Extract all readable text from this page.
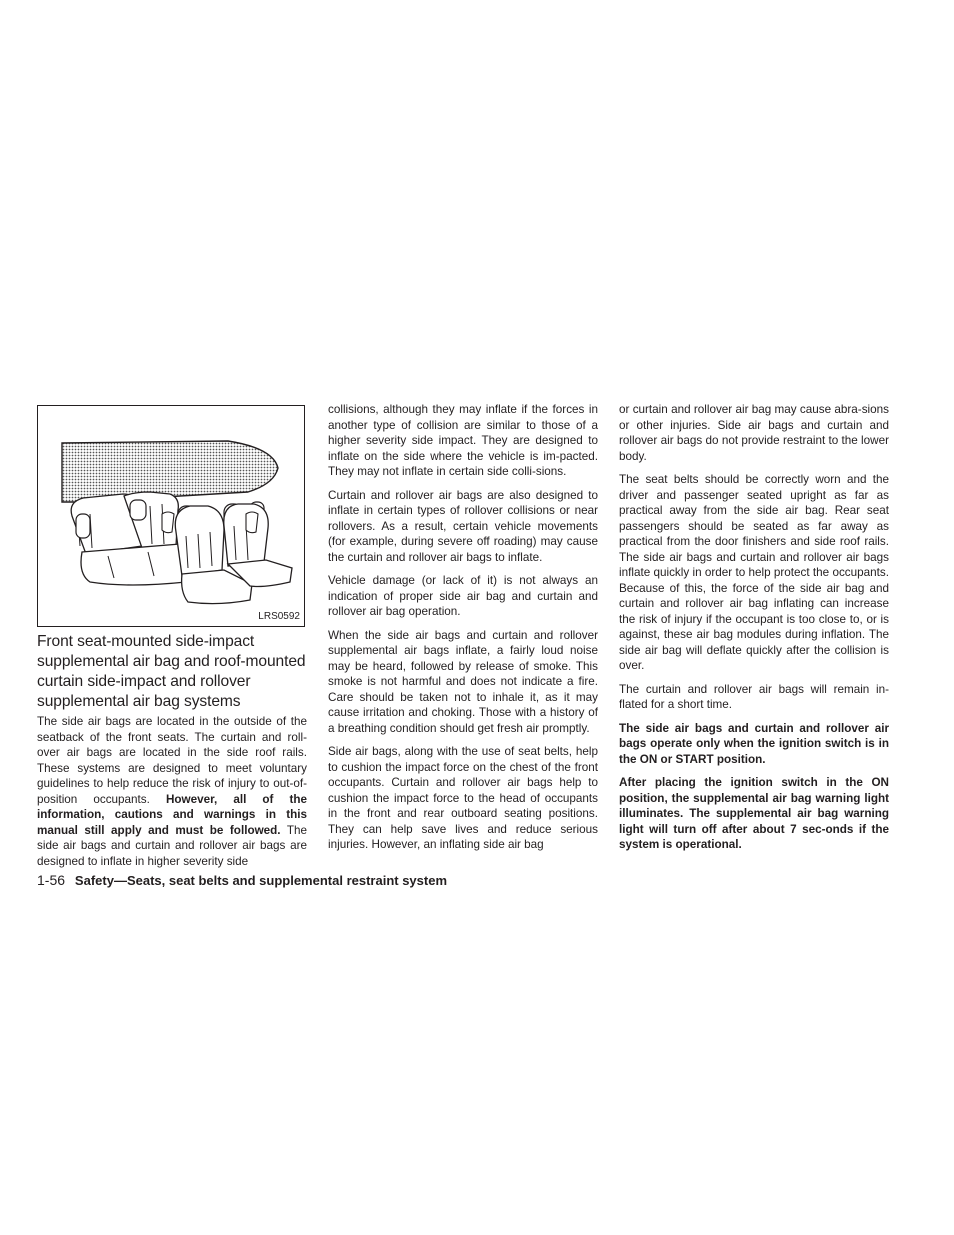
LRS0592
Front seat-mounted side-impact supplemental air bag and roof-mounted curtain side-impact and rollover supplemental air bag systems

The side air bags are located in the outside of the seatback of the front seats. The curtain and roll-over air bags are located in the side roof rails. These systems are designed to meet voluntary guidelines to help reduce the risk of injury to out-of-position occupants. However, all of the information, cautions and warnings in this manual still apply and must be followed. The side air bags and curtain and rollover air bags are designed to inflate in higher severity side

collisions, although they may inflate if the forces in another type of collision are similar to those of a higher severity side impact. They are designed to inflate on the side where the vehicle is im-pacted. They may not inflate in certain side colli-sions.

Curtain and rollover air bags are also designed to inflate in certain types of rollover collisions or near rollovers. As a result, certain vehicle movements (for example, during severe off roading) may cause the curtain and rollover air bags to inflate.

Vehicle damage (or lack of it) is not always an indication of proper side air bag and curtain and rollover air bag operation.

When the side air bags and curtain and rollover supplemental air bags inflate, a fairly loud noise may be heard, followed by release of smoke. This smoke is not harmful and does not indicate a fire. Care should be taken not to inhale it, as it may cause irritation and choking. Those with a history of a breathing condition should get fresh air promptly.

Side air bags, along with the use of seat belts, help to cushion the impact force on the chest of the front occupants. Curtain and rollover air bags help to cushion the impact force to the head of occupants in the front and rear outboard seating positions. They can help save lives and reduce serious injuries. However, an inflating side air bag

or curtain and rollover air bag may cause abra-sions or other injuries. Side air bags and curtain and rollover air bags do not provide restraint to the lower body.

The seat belts should be correctly worn and the driver and passenger seated upright as far as practical away from the side air bag. Rear seat passengers should be seated as far away as practical from the door finishers and side roof rails. The side air bags and curtain and rollover air bags inflate quickly in order to help protect the occupants. Because of this, the force of the side air bag and curtain and rollover air bag inflating can increase the risk of injury if the occupant is too close to, or is against, these air bag modules during inflation. The side air bag will deflate quickly after the collision is over.

The curtain and rollover air bags will remain in-flated for a short time.

The side air bags and curtain and rollover air bags operate only when the ignition switch is in the ON or START position.

After placing the ignition switch in the ON position, the supplemental air bag warning light illuminates. The supplemental air bag warning light will turn off after about 7 sec-onds if the system is operational.

1-56 Safety—Seats, seat belts and supplemental restraint system
